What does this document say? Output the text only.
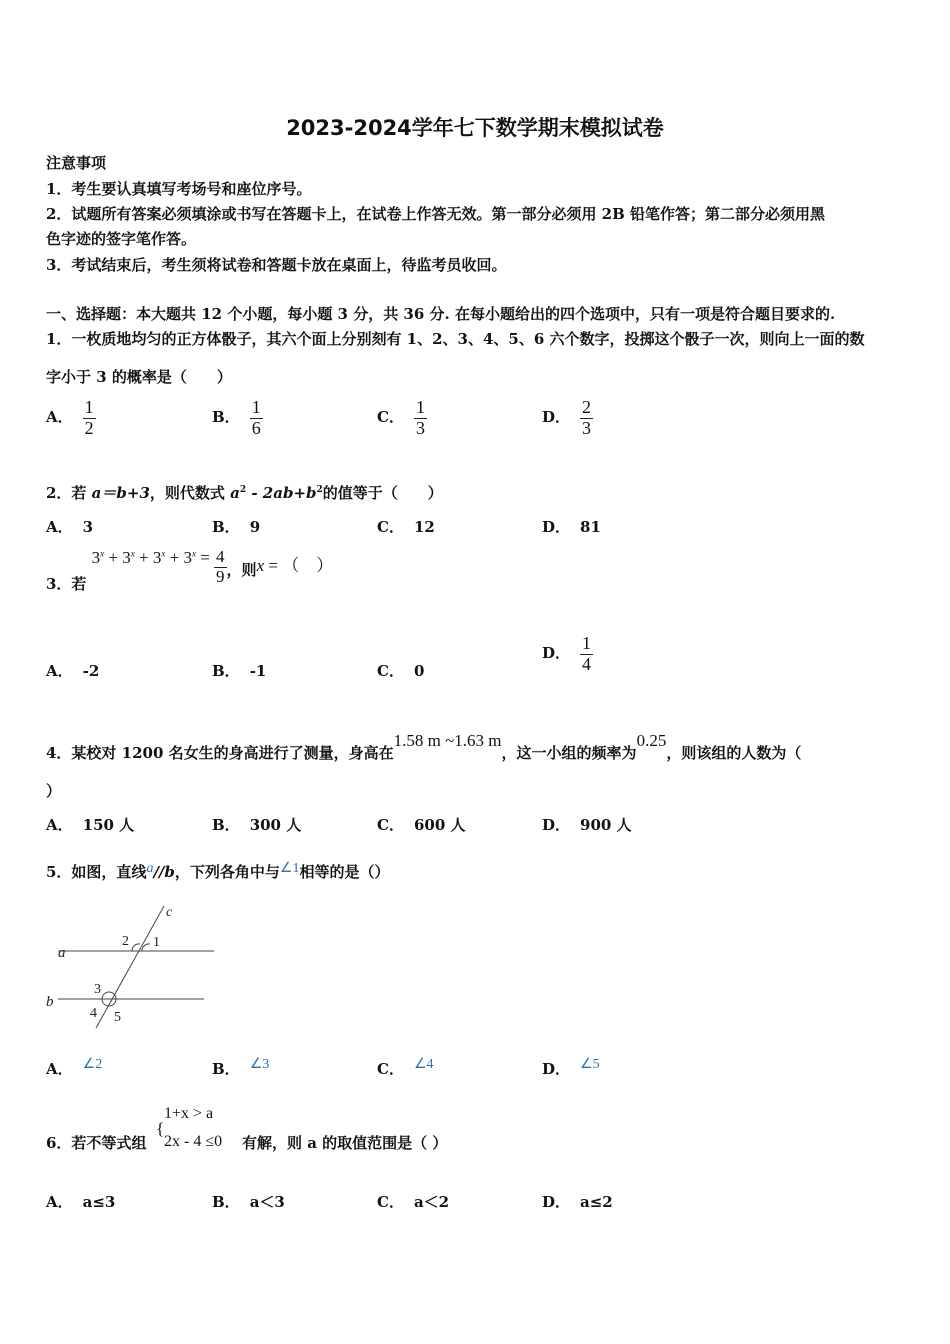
2023-2024学年七下数学期末模拟试卷
注意事项
1．考生要认真填写考场号和座位序号。
2．试题所有答案必须填涂或书写在答题卡上，在试卷上作答无效。第一部分必须用 2B 铅笔作答；第二部分必须用黑
色字迹的签字笔作答。
3．考试结束后，考生须将试卷和答题卡放在桌面上，待监考员收回。
一、选择题：本大题共 12 个小题，每小题 3 分，共 36 分. 在每小题给出的四个选项中，只有一项是符合题目要求的.
1．一枚质地均匀的正方体骰子，其六个面上分别刻有 1、2、3、4、5、6 六个数字，投掷这个骰子一次，则向上一面的数
字小于 3 的概率是（　　）
A． $\frac{1}{2}$	B． $\frac{1}{6}$	C． $\frac{1}{3}$	D． $\frac{2}{3}$
2．若 a＝b+3，则代数式 $a^2 - 2ab+b^2$的值等于（　　）
A． 3	B． 9	C． 12	D． 81
3．若 $3^x + 3^x + 3^x + 3^x = \frac{4}{9}$ ，则x = （　）
A． -2	B． -1	C． 0
D． $\frac{1}{4}$
4．某校对 1200 名女生的身高进行了测量，身高在1.58 m ~1.63 m，这一小组的频率为0.25，则该组的人数为（
）
A． 150 人	B． 300 人	C． 600 人	D． 900 人
5．如图，直线a//b，下列各角中与∠1相等的是（）
c
a
b
1
2
3
4 5
A． ∠2	B． ∠3	C． ∠4	D． ∠5
6．若不等式组
{
1+x > a
2x - 4 ≤0 有解，则 a 的取值范围是（ ）
A． a≤3	B． a＜3	C． a＜2	D． a≤2
